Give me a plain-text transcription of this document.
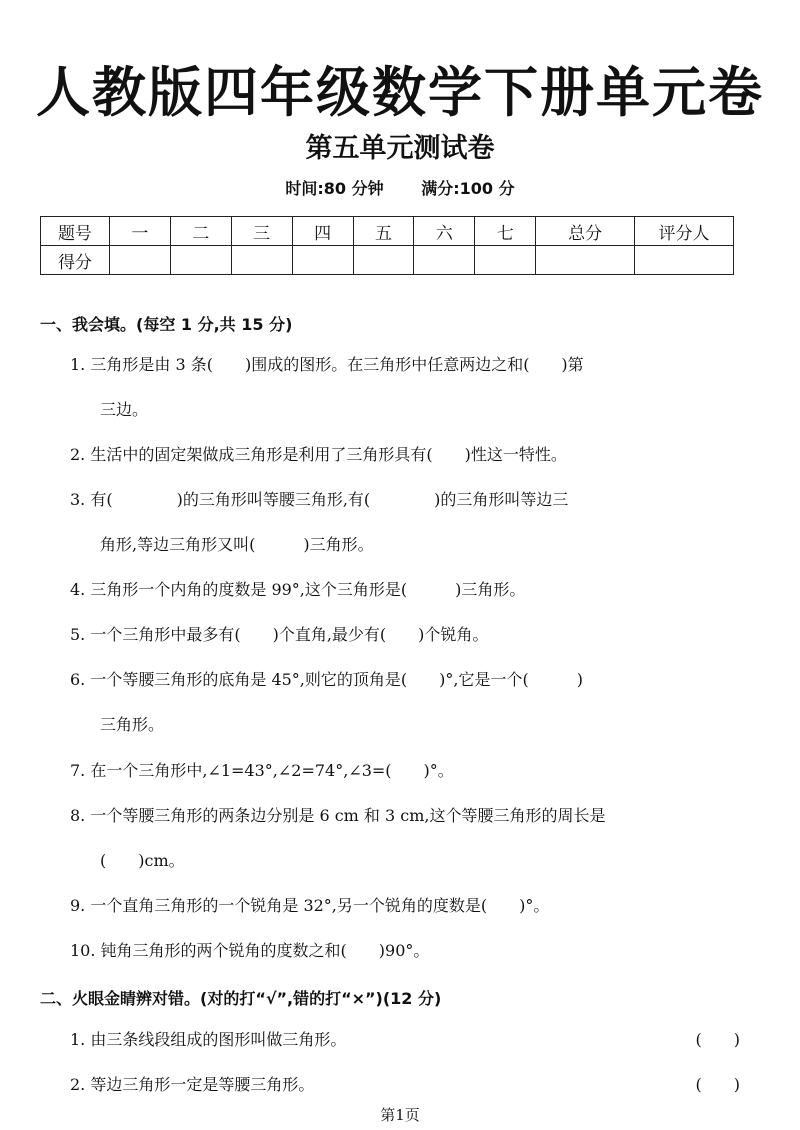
人教版四年级数学下册单元卷
第五单元测试卷
时间:80 分钟 满分:100 分
题号	一	二	三	四	五	六	七	总分	评分人
得分									
一、我会填。(每空 1 分,共 15 分)
1. 三角形是由 3 条(　　)围成的图形。在三角形中任意两边之和(　　)第
三边。
2. 生活中的固定架做成三角形是利用了三角形具有(　　)性这一特性。
3. 有(　　　　)的三角形叫等腰三角形,有(　　　　)的三角形叫等边三
角形,等边三角形又叫(　　　)三角形。
4. 三角形一个内角的度数是 99°,这个三角形是(　　　)三角形。
5. 一个三角形中最多有(　　)个直角,最少有(　　)个锐角。
6. 一个等腰三角形的底角是 45°,则它的顶角是(　　)°,它是一个(　　　)
三角形。
7. 在一个三角形中,∠1=43°,∠2=74°,∠3=(　　)°。
8. 一个等腰三角形的两条边分别是 6 cm 和 3 cm,这个等腰三角形的周长是
(　　)cm。
9. 一个直角三角形的一个锐角是 32°,另一个锐角的度数是(　　)°。
10. 钝角三角形的两个锐角的度数之和(　　)90°。
二、火眼金睛辨对错。(对的打“√”,错的打“×”)(12 分)
1. 由三条线段组成的图形叫做三角形。	(　　)
2. 等边三角形一定是等腰三角形。	(　　)
第1页
